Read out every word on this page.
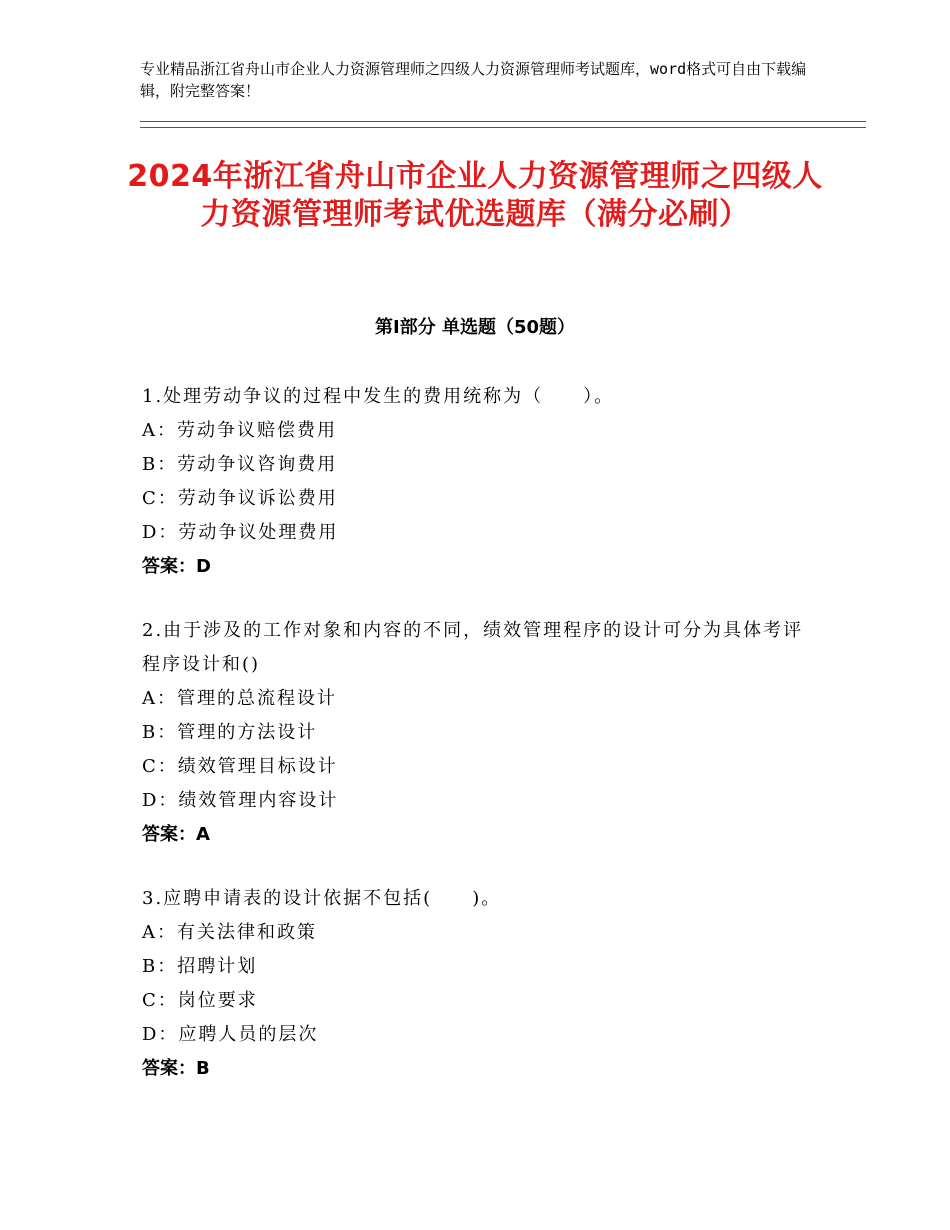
专业精品浙江省舟山市企业人力资源管理师之四级人力资源管理师考试题库，word格式可自由下载编辑，附完整答案！
2024年浙江省舟山市企业人力资源管理师之四级人力资源管理师考试优选题库（满分必刷）
第Ⅰ部分 单选题（50题）

1.处理劳动争议的过程中发生的费用统称为（　　）。

A：劳动争议赔偿费用

B：劳动争议咨询费用

C：劳动争议诉讼费用

D：劳动争议处理费用

答案：D

2.由于涉及的工作对象和内容的不同，绩效管理程序的设计可分为具体考评程序设计和()

A：管理的总流程设计

B：管理的方法设计

C：绩效管理目标设计

D：绩效管理内容设计

答案：A

3.应聘申请表的设计依据不包括(　　)。

A：有关法律和政策

B：招聘计划

C：岗位要求

D：应聘人员的层次

答案：B
